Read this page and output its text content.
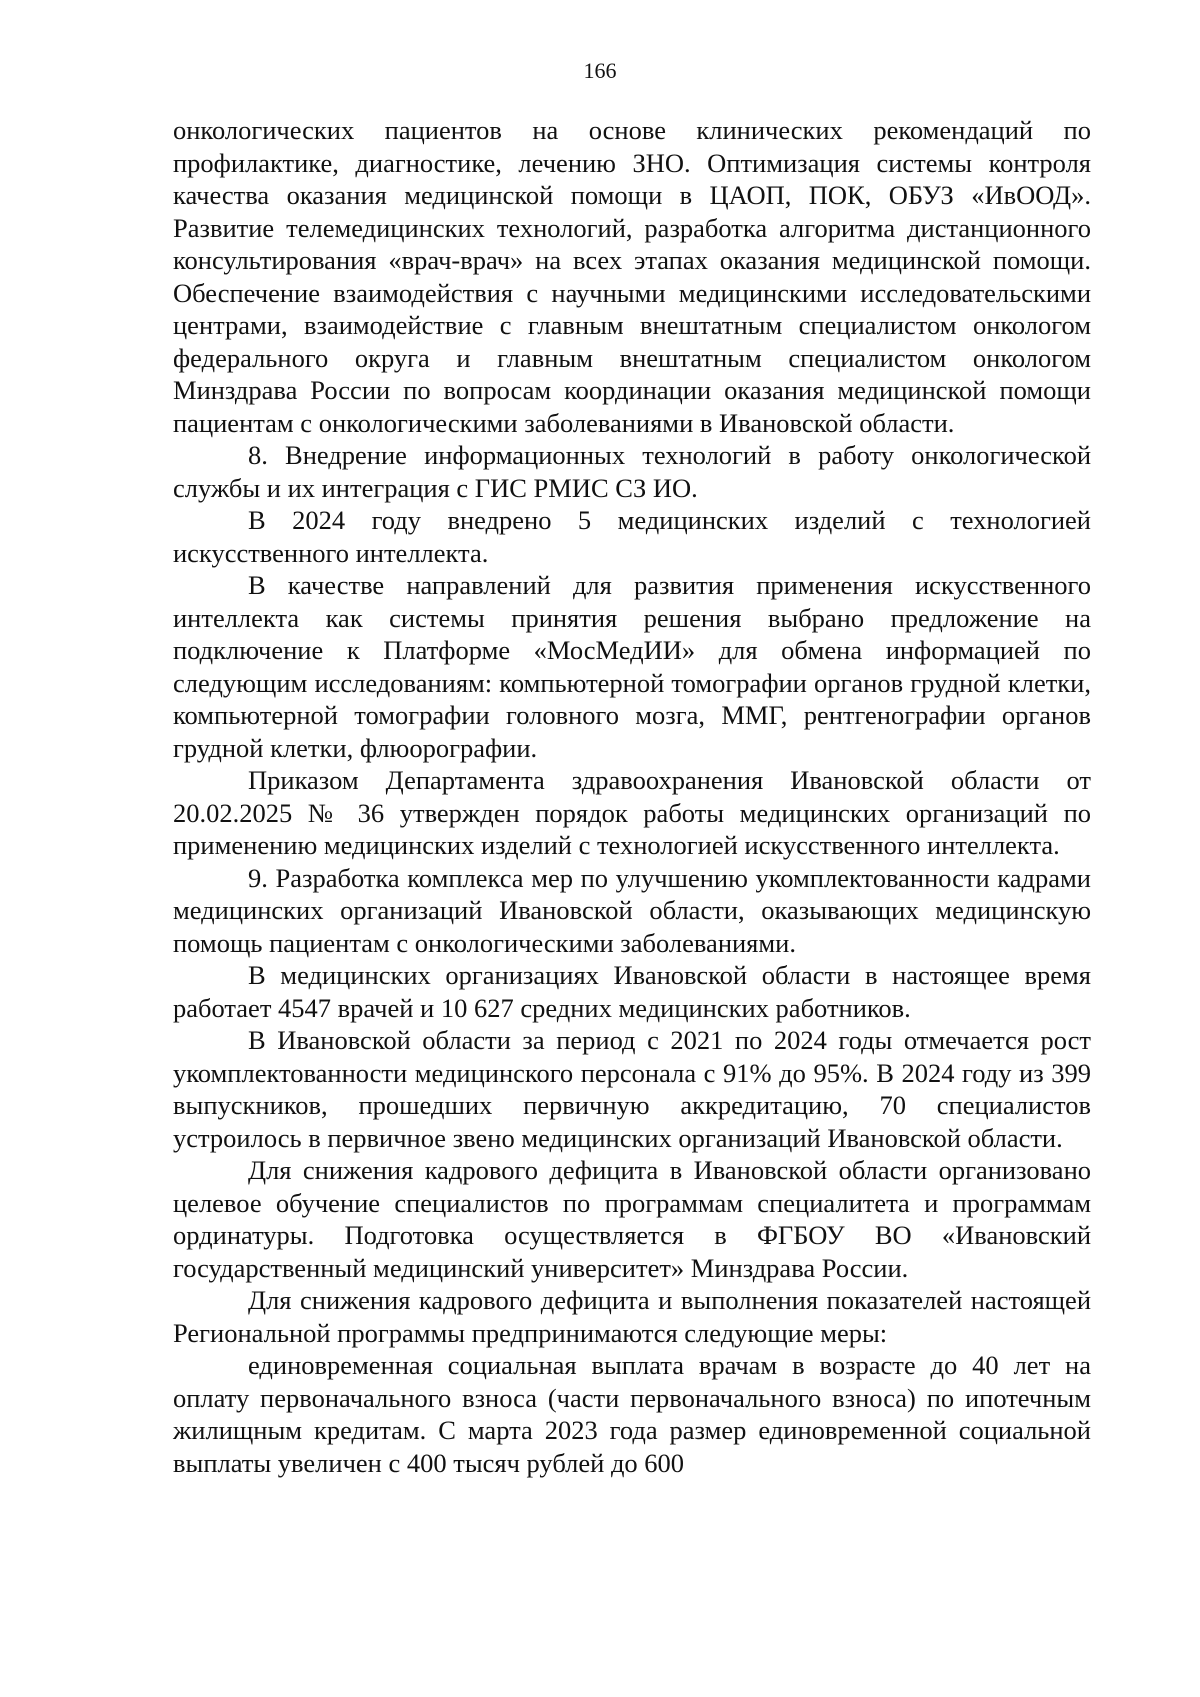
166

онкологических пациентов на основе клинических рекомендаций по профилактике, диагностике, лечению ЗНО. Оптимизация системы контроля качества оказания медицинской помощи в ЦАОП, ПОК, ОБУЗ «ИвООД». Развитие телемедицинских технологий, разработка алгоритма дистанционного консультирования «врач-врач» на всех этапах оказания медицинской помощи. Обеспечение взаимодействия с научными медицинскими исследовательскими центрами, взаимодействие с главным внештатным специалистом онкологом федерального округа и главным внештатным специалистом онкологом Минздрава России по вопросам координации оказания медицинской помощи пациентам с онкологическими заболеваниями в Ивановской области.

8. Внедрение информационных технологий в работу онкологической службы и их интеграция с ГИС РМИС СЗ ИО.

В 2024 году внедрено 5 медицинских изделий с технологией искусственного интеллекта.

В качестве направлений для развития применения искусственного интеллекта как системы принятия решения выбрано предложение на подключение к Платформе «МосМедИИ» для обмена информацией по следующим исследованиям: компьютерной томографии органов грудной клетки, компьютерной томографии головного мозга, ММГ, рентгенографии органов грудной клетки, флюорографии.

Приказом Департамента здравоохранения Ивановской области от 20.02.2025 № 36 утвержден порядок работы медицинских организаций по применению медицинских изделий с технологией искусственного интеллекта.

9. Разработка комплекса мер по улучшению укомплектованности кадрами медицинских организаций Ивановской области, оказывающих медицинскую помощь пациентам с онкологическими заболеваниями.

В медицинских организациях Ивановской области в настоящее время работает 4547 врачей и 10 627 средних медицинских работников.

В Ивановской области за период с 2021 по 2024 годы отмечается рост укомплектованности медицинского персонала с 91% до 95%. В 2024 году из 399 выпускников, прошедших первичную аккредитацию, 70 специалистов устроилось в первичное звено медицинских организаций Ивановской области.

Для снижения кадрового дефицита в Ивановской области организовано целевое обучение специалистов по программам специалитета и программам ординатуры. Подготовка осуществляется в ФГБОУ ВО «Ивановский государственный медицинский университет» Минздрава России.

Для снижения кадрового дефицита и выполнения показателей настоящей Региональной программы предпринимаются следующие меры:

единовременная социальная выплата врачам в возрасте до 40 лет на оплату первоначального взноса (части первоначального взноса) по ипотечным жилищным кредитам. С марта 2023 года размер единовременной социальной выплаты увеличен с 400 тысяч рублей до 600
